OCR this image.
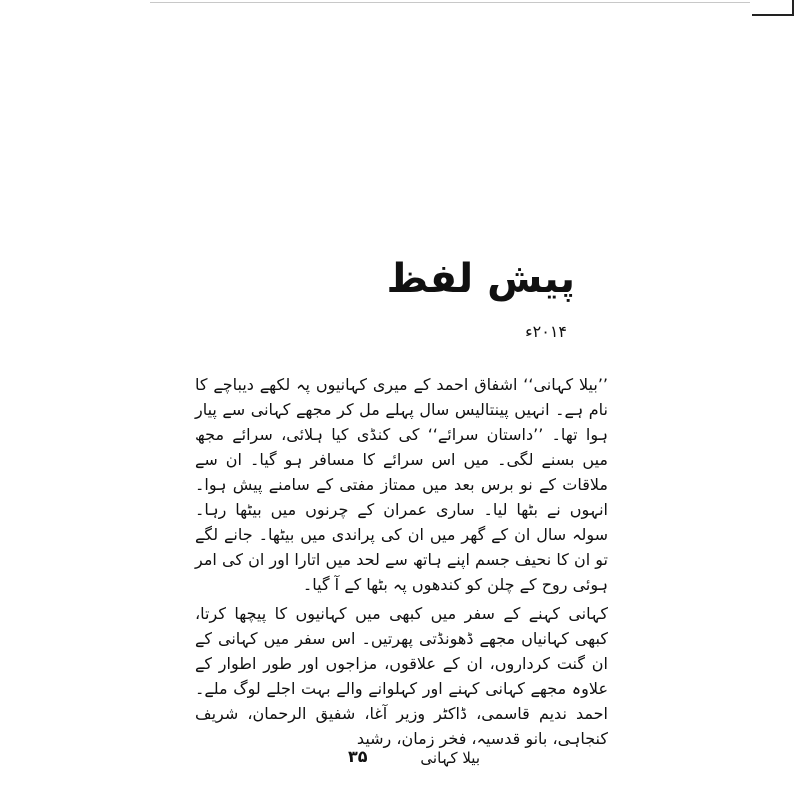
پیش لفظ
۲۰۱۴ء

’’بیلا کہانی‘‘ اشفاق احمد کے میری کہانیوں پہ لکھے دیباچے کا نام ہے۔ انہیں پینتالیس سال پہلے مل کر مجھے کہانی سے پیار ہوا تھا۔ ’’داستان سرائے‘‘ کی کنڈی کیا ہلائی، سرائے مجھ میں بسنے لگی۔ میں اس سرائے کا مسافر ہو گیا۔ ان سے ملاقات کے نو برس بعد میں ممتاز مفتی کے سامنے پیش ہوا۔ انہوں نے بٹھا لیا۔ ساری عمران کے چرنوں میں بیٹھا رہا۔ سولہ سال ان کے گھر میں ان کی پراندی میں بیٹھا۔ جانے لگے تو ان کا نحیف جسم اپنے ہاتھ سے لحد میں اتارا اور ان کی امر ہوئی روح کے چلن کو کندھوں پہ بٹھا کے آ گیا۔

کہانی کہنے کے سفر میں کبھی میں کہانیوں کا پیچھا کرتا، کبھی کہانیاں مجھے ڈھونڈتی پھرتیں۔ اس سفر میں کہانی کے ان گنت کرداروں، ان کے علاقوں، مزاجوں اور طور اطوار کے علاوہ مجھے کہانی کہنے اور کہلوانے والے بہت اجلے لوگ ملے۔ احمد ندیم قاسمی، ڈاکٹر وزیر آغا، شفیق الرحمان، شریف کنجاہی، بانو قدسیہ، فخر زمان، رشید

بیلا کہانی
۳۵
